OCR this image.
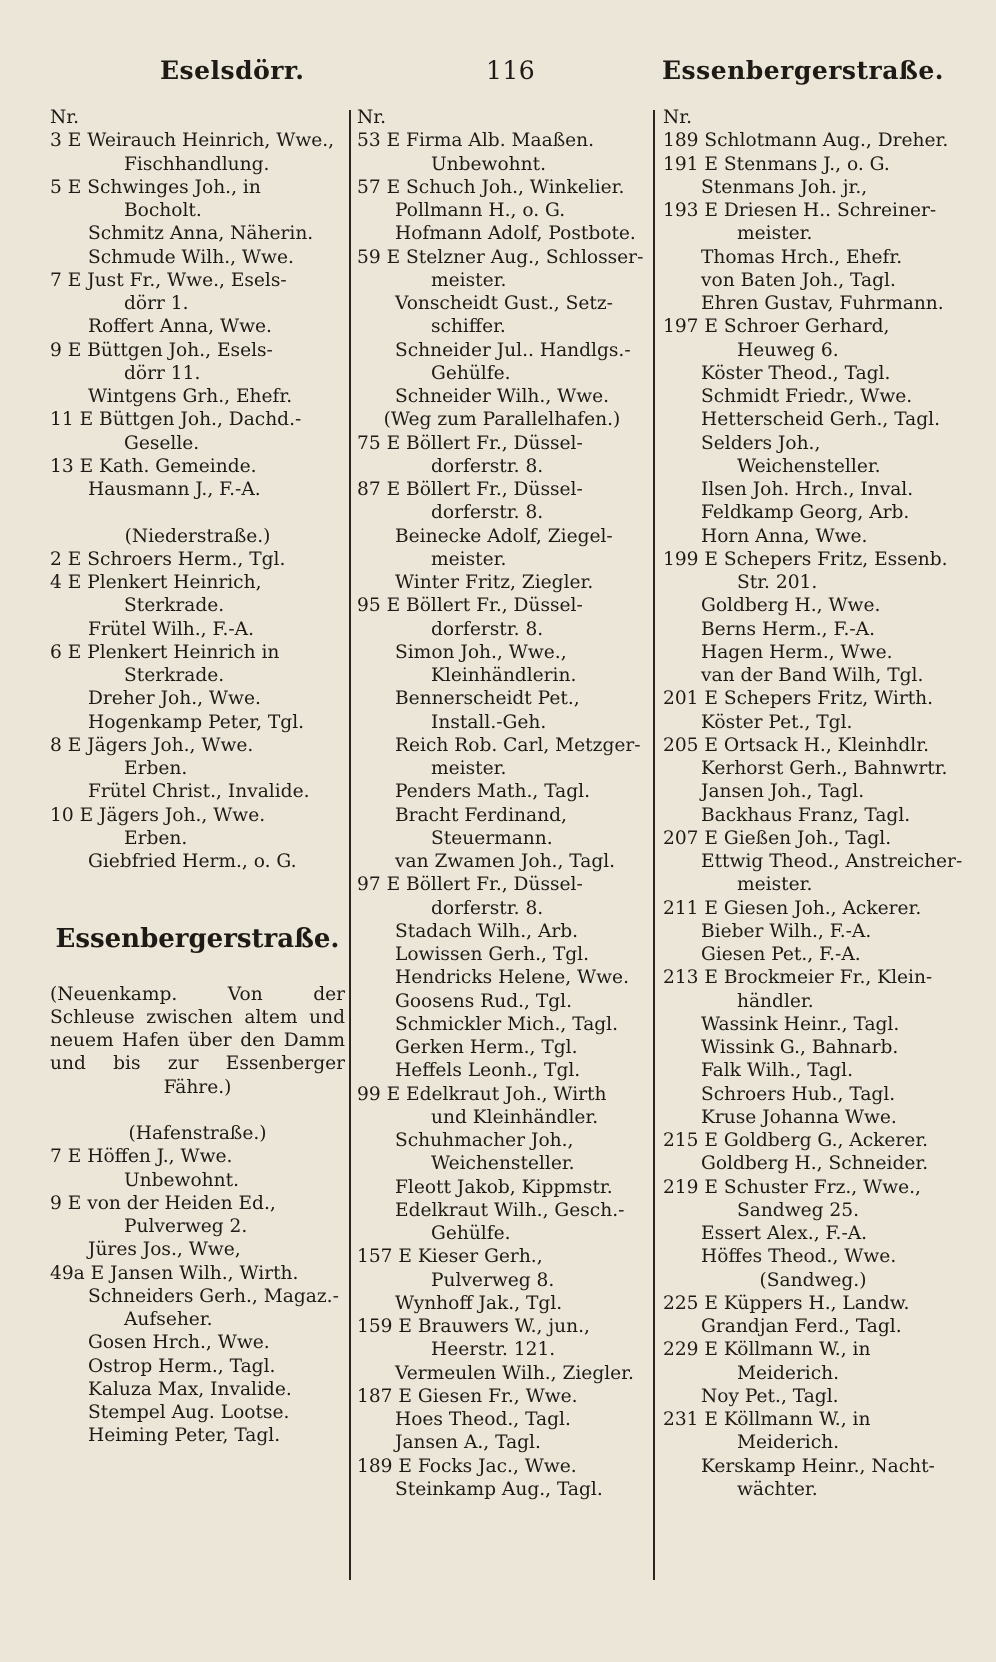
Eselsdörr.	116	Essenbergerstraße.
Nr.
3 E Weirauch Heinrich, Wwe.,
Fischhandlung.
5 E Schwinges Joh., in
Bocholt.
Schmitz Anna, Näherin.
Schmude Wilh., Wwe.
7 E Just Fr., Wwe., Esels-
dörr 1.
Roffert Anna, Wwe.
9 E Büttgen Joh., Esels-
dörr 11.
Wintgens Grh., Ehefr.
11 E Büttgen Joh., Dachd.-
Geselle.
13 E Kath. Gemeinde.
Hausmann J., F.-A.
(Niederstraße.)
2 E Schroers Herm., Tgl.
4 E Plenkert Heinrich,
Sterkrade.
Frütel Wilh., F.-A.
6 E Plenkert Heinrich in
Sterkrade.
Dreher Joh., Wwe.
Hogenkamp Peter, Tgl.
8 E Jägers Joh., Wwe.
Erben.
Frütel Christ., Invalide.
10 E Jägers Joh., Wwe.
Erben.
Giebfried Herm., o. G.
Essenbergerstraße.
(Neuenkamp. Von der
Schleuse zwischen altem und
neuem Hafen über den Damm
und bis zur Essenberger
Fähre.)
(Hafenstraße.)
7 E Höffen J., Wwe.
Unbewohnt.
9 E von der Heiden Ed.,
Pulverweg 2.
Jüres Jos., Wwe,
49a E Jansen Wilh., Wirth.
Schneiders Gerh., Magaz.-
Aufseher.
Gosen Hrch., Wwe.
Ostrop Herm., Tagl.
Kaluza Max, Invalide.
Stempel Aug. Lootse.
Heiming Peter, Tagl.
Nr.
53 E Firma Alb. Maaßen.
Unbewohnt.
57 E Schuch Joh., Winkelier.
Pollmann H., o. G.
Hofmann Adolf, Postbote.
59 E Stelzner Aug., Schlosser-
meister.
Vonscheidt Gust., Setz-
schiffer.
Schneider Jul.. Handlgs.-
Gehülfe.
Schneider Wilh., Wwe.
(Weg zum Parallelhafen.)
75 E Böllert Fr., Düssel-
dorferstr. 8.
87 E Böllert Fr., Düssel-
dorferstr. 8.
Beinecke Adolf, Ziegel-
meister.
Winter Fritz, Ziegler.
95 E Böllert Fr., Düssel-
dorferstr. 8.
Simon Joh., Wwe.,
Kleinhändlerin.
Bennerscheidt Pet.,
Install.-Geh.
Reich Rob. Carl, Metzger-
meister.
Penders Math., Tagl.
Bracht Ferdinand,
Steuermann.
van Zwamen Joh., Tagl.
97 E Böllert Fr., Düssel-
dorferstr. 8.
Stadach Wilh., Arb.
Lowissen Gerh., Tgl.
Hendricks Helene, Wwe.
Goosens Rud., Tgl.
Schmickler Mich., Tagl.
Gerken Herm., Tgl.
Heffels Leonh., Tgl.
99 E Edelkraut Joh., Wirth
und Kleinhändler.
Schuhmacher Joh.,
Weichensteller.
Fleott Jakob, Kippmstr.
Edelkraut Wilh., Gesch.-
Gehülfe.
157 E Kieser Gerh.,
Pulverweg 8.
Wynhoff Jak., Tgl.
159 E Brauwers W., jun.,
Heerstr. 121.
Vermeulen Wilh., Ziegler.
187 E Giesen Fr., Wwe.
Hoes Theod., Tagl.
Jansen A., Tagl.
189 E Focks Jac., Wwe.
Steinkamp Aug., Tagl.
Nr.
189 Schlotmann Aug., Dreher.
191 E Stenmans J., o. G.
Stenmans Joh. jr.,
193 E Driesen H.. Schreiner-
meister.
Thomas Hrch., Ehefr.
von Baten Joh., Tagl.
Ehren Gustav, Fuhrmann.
197 E Schroer Gerhard,
Heuweg 6.
Köster Theod., Tagl.
Schmidt Friedr., Wwe.
Hetterscheid Gerh., Tagl.
Selders Joh.,
Weichensteller.
Ilsen Joh. Hrch., Inval.
Feldkamp Georg, Arb.
Horn Anna, Wwe.
199 E Schepers Fritz, Essenb.
Str. 201.
Goldberg H., Wwe.
Berns Herm., F.-A.
Hagen Herm., Wwe.
van der Band Wilh, Tgl.
201 E Schepers Fritz, Wirth.
Köster Pet., Tgl.
205 E Ortsack H., Kleinhdlr.
Kerhorst Gerh., Bahnwrtr.
Jansen Joh., Tagl.
Backhaus Franz, Tagl.
207 E Gießen Joh., Tagl.
Ettwig Theod., Anstreicher-
meister.
211 E Giesen Joh., Ackerer.
Bieber Wilh., F.-A.
Giesen Pet., F.-A.
213 E Brockmeier Fr., Klein-
händler.
Wassink Heinr., Tagl.
Wissink G., Bahnarb.
Falk Wilh., Tagl.
Schroers Hub., Tagl.
Kruse Johanna Wwe.
215 E Goldberg G., Ackerer.
Goldberg H., Schneider.
219 E Schuster Frz., Wwe.,
Sandweg 25.
Essert Alex., F.-A.
Höffes Theod., Wwe.
(Sandweg.)
225 E Küppers H., Landw.
Grandjan Ferd., Tagl.
229 E Köllmann W., in
Meiderich.
Noy Pet., Tagl.
231 E Köllmann W., in
Meiderich.
Kerskamp Heinr., Nacht-
wächter.
